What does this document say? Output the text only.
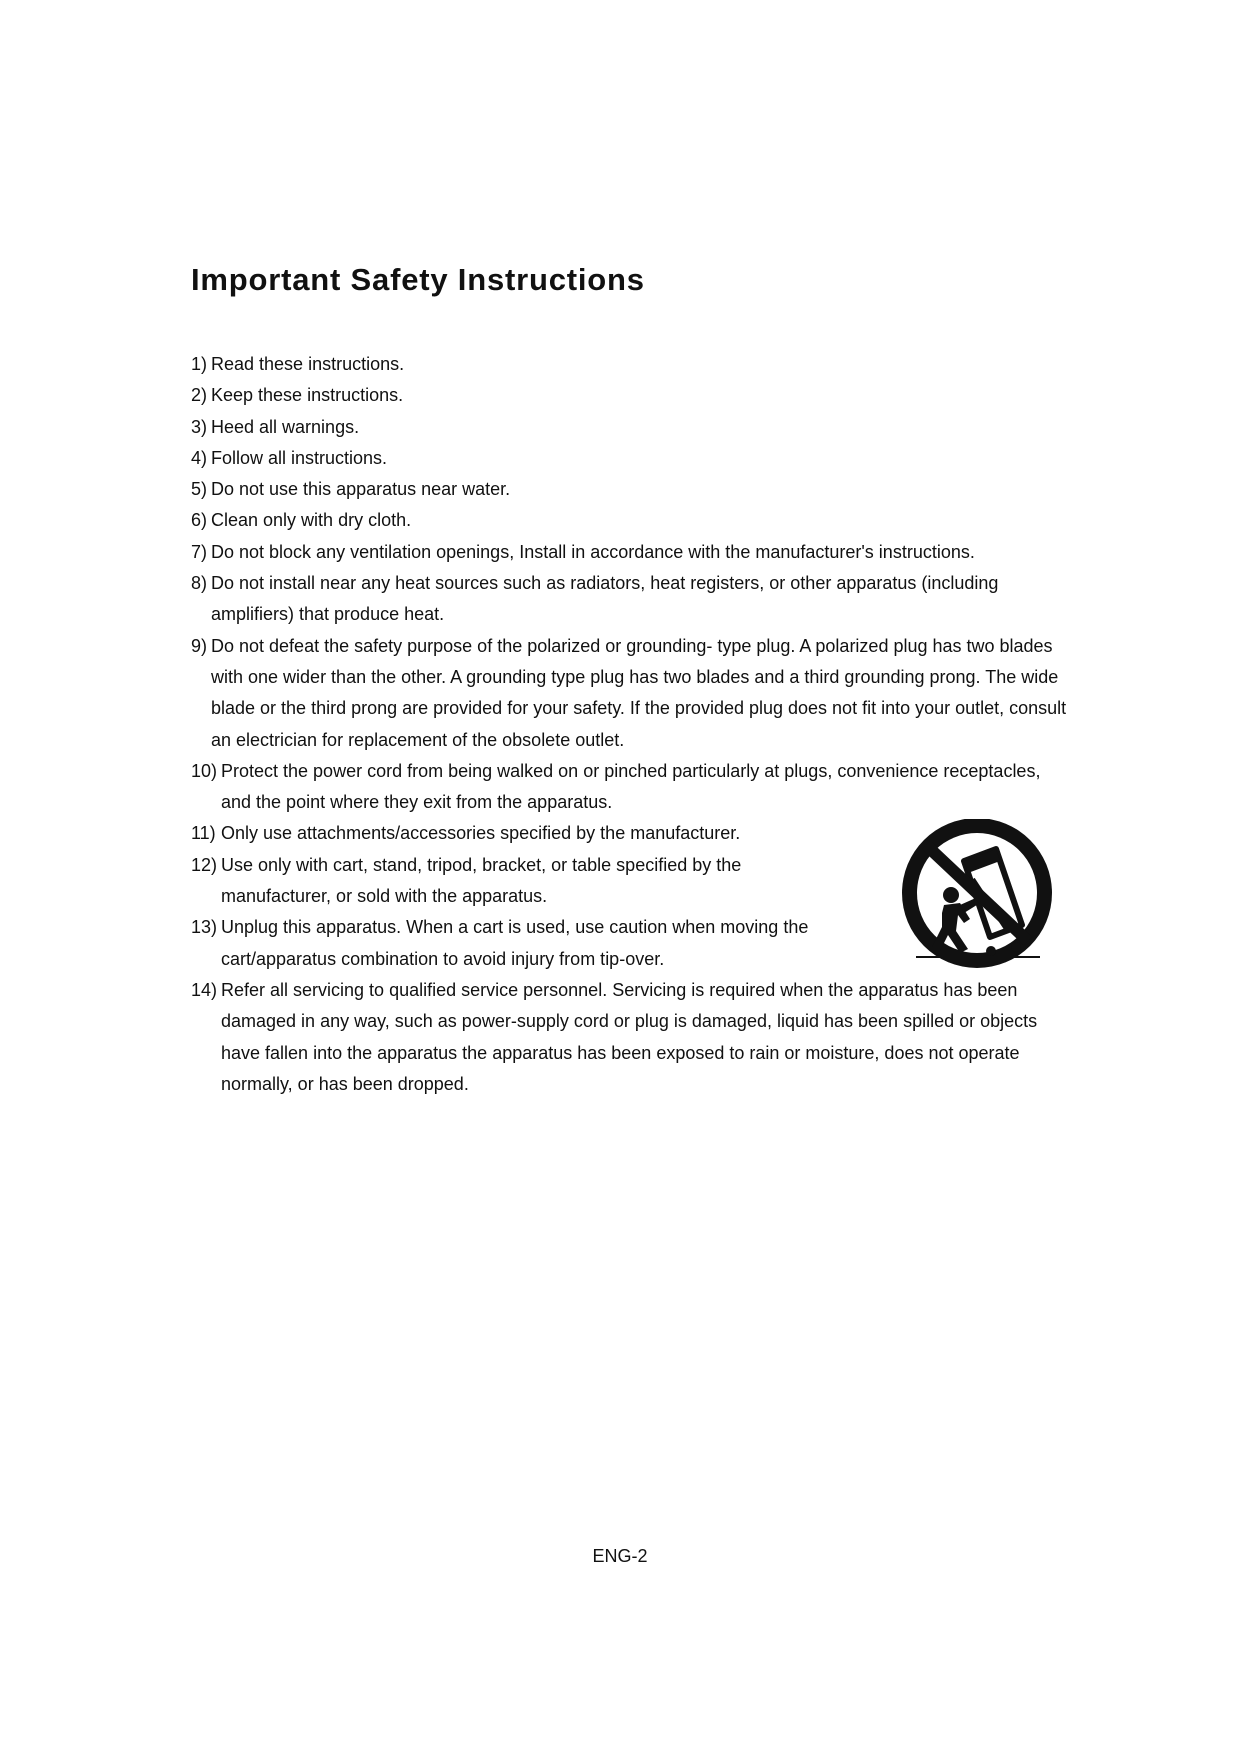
Important Safety Instructions
1) Read these instructions.
2) Keep these instructions.
3) Heed all warnings.
4) Follow all instructions.
5) Do not use this apparatus near water.
6) Clean only with dry cloth.
7) Do not block any ventilation openings, Install in accordance with the manufacturer's instructions.
8) Do not install near any heat sources such as radiators, heat registers, or other apparatus (including amplifiers) that produce heat.
9) Do not defeat the safety purpose of the polarized or grounding- type plug. A polarized plug has two blades with one wider than the other. A grounding type plug has two blades and a third grounding prong. The wide blade or the third prong are provided for your safety. If the provided plug does not fit into your outlet, consult an electrician for replacement of the obsolete outlet.
10) Protect the power cord from being walked on or pinched particularly at plugs, convenience receptacles, and the point where they exit from the apparatus.
11) Only use attachments/accessories specified by the manufacturer.
12) Use only with cart, stand, tripod, bracket, or table specified by the manufacturer, or sold with the apparatus.
13) Unplug this apparatus. When a cart is used, use caution when moving the cart/apparatus combination to avoid injury from tip-over.
14) Refer all servicing to qualified service personnel. Servicing is required when the apparatus has been damaged in any way, such as power-supply cord or plug is damaged, liquid has been spilled or objects have fallen into the apparatus the apparatus has been exposed to rain or moisture, does not operate normally, or has been dropped.
ENG-2
